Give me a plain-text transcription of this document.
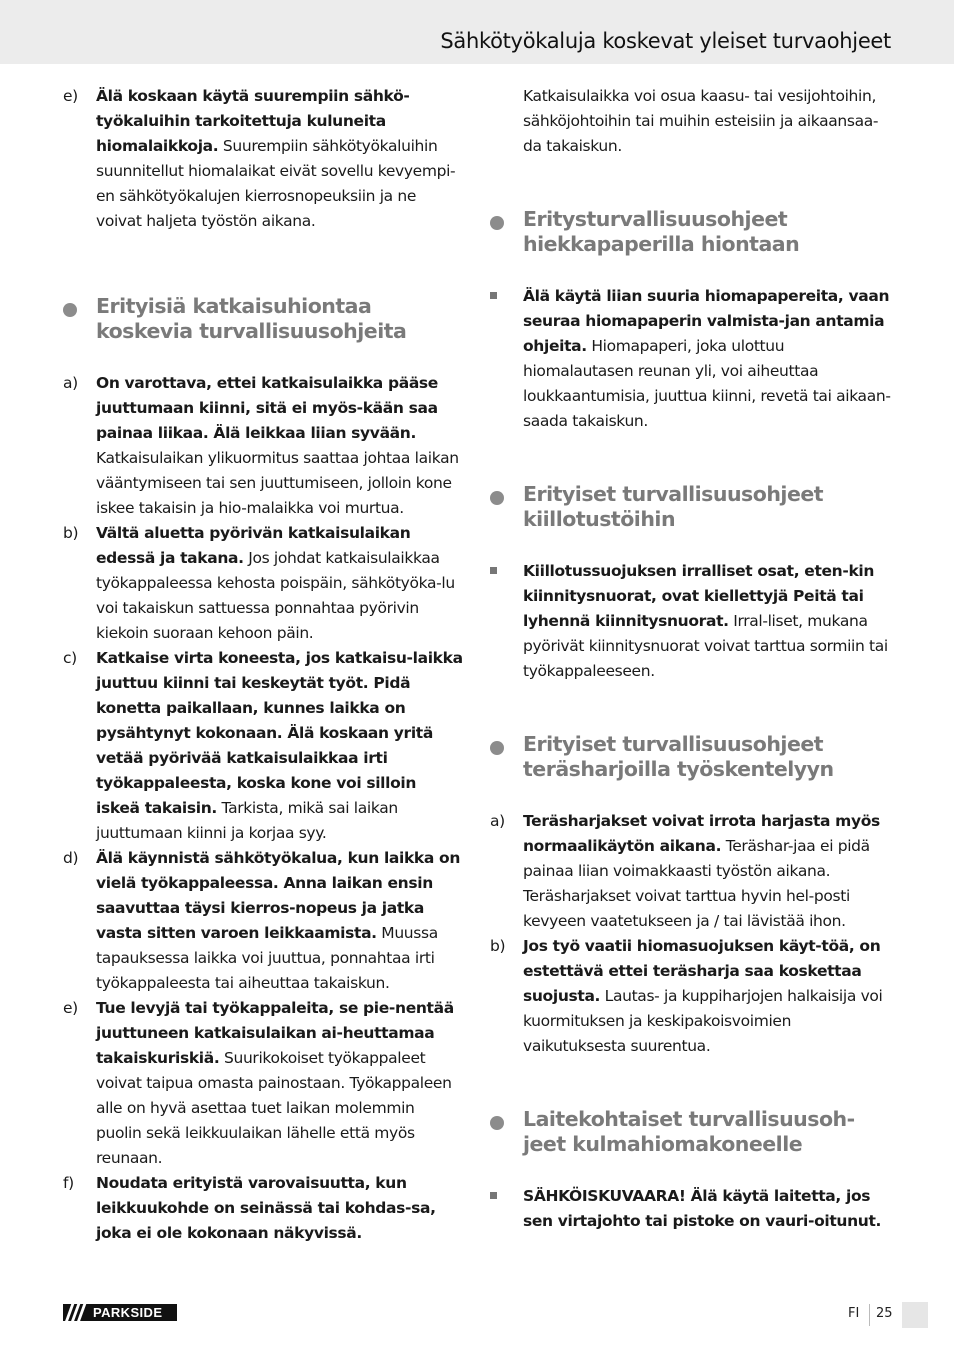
Sähkötyökaluja koskevat yleiset turvaohjeet
e)	Älä koskaan käytä suurempiin sähkö-työkaluihin tarkoitettuja kuluneita hiomalaikkoja. Suurempiin sähkötyökaluihin suunnitellut hiomalaikat eivät sovellu kevyempi-en sähkötyökalujen kierrosnopeuksiin ja ne voivat haljeta työstön aikana.
Erityisiä katkaisuhiontaa koskevia turvallisuusohjeita
a)	On varottava, ettei katkaisulaikka pääse juuttumaan kiinni, sitä ei myös-kään saa painaa liikaa. Älä leikkaa liian syvään. Katkaisulaikan ylikuormitus saattaa johtaa laikan vääntymiseen tai sen juuttumiseen, jolloin kone iskee takaisin ja hio-malaikka voi murtua.
b)	Vältä aluetta pyörivän katkaisulaikan edessä ja takana. Jos johdat katkaisulaikkaa työkappaleessa kehosta poispäin, sähkötyöka-lu voi takaiskun sattuessa ponnahtaa pyörivin kiekoin suoraan kehoon päin.
c)	Katkaise virta koneesta, jos katkaisu-laikka juuttuu kiinni tai keskeytät työt. Pidä konetta paikallaan, kunnes laikka on pysähtynyt kokonaan. Älä koskaan yritä vetää pyörivää katkaisulaikkaa irti työkappaleesta, koska kone voi silloin iskeä takaisin. Tarkista, mikä sai laikan juuttumaan kiinni ja korjaa syy.
d)	Älä käynnistä sähkötyökalua, kun laikka on vielä työkappaleessa. Anna laikan ensin saavuttaa täysi kierros-nopeus ja jatka vasta sitten varoen leikkaamista. Muussa tapauksessa laikka voi juuttua, ponnahtaa irti työkappaleesta tai aiheuttaa takaiskun.
e)	Tue levyjä tai työkappaleita, se pie-nentää juuttuneen katkaisulaikan ai-heuttamaa takaiskuriskiä. Suurikokoiset työkappaleet voivat taipua omasta painostaan. Työkappaleen alle on hyvä asettaa tuet laikan molemmin puolin sekä leikkuulaikan lähelle että myös reunaan.
f)	Noudata erityistä varovaisuutta, kun leikkuukohde on seinässä tai kohdas-sa, joka ei ole kokonaan näkyvissä.
Katkaisulaikka voi osua kaasu- tai vesijohtoihin, sähköjohtoihin tai muihin esteisiin ja aikaansaa-da takaiskun.
Eritysturvallisuusohjeet hiekkapaperilla hiontaan
Älä käytä liian suuria hiomapapereita, vaan seuraa hiomapaperin valmista-jan antamia ohjeita. Hiomapaperi, joka ulottuu hiomalautasen reunan yli, voi aiheuttaa loukkaantumisia, juuttua kiinni, revetä tai aikaan-saada takaiskun.
Erityiset turvallisuusohjeet kiillotustöihin
Kiillotussuojuksen irralliset osat, eten-kin kiinnitysnuorat, ovat kiellettyjä Peitä tai lyhennä kiinnitysnuorat. Irral-liset, mukana pyörivät kiinnitysnuorat voivat tarttua sormiin tai työkappaleeseen.
Erityiset turvallisuusohjeet teräsharjoilla työskentelyyn
a)	Teräsharjakset voivat irrota harjasta myös normaalikäytön aikana. Teräshar-jaa ei pidä painaa liian voimakkaasti työstön aikana. Teräsharjakset voivat tarttua hyvin hel-posti kevyeen vaatetukseen ja / tai lävistää ihon.
b)	Jos työ vaatii hiomasuojuksen käyt-töä, on estettävä ettei teräsharja saa koskettaa suojusta. Lautas- ja kuppiharjojen halkaisija voi kuormituksen ja keskipakoisvoimien vaikutuksesta suurentua.
Laitekohtaiset turvallisuusoh-jeet kulmahiomakoneelle
SÄHKÖISKUVAARA! Älä käytä laitetta, jos sen virtajohto tai pistoke on vauri-oitunut.
PARKSIDE	FI 25
